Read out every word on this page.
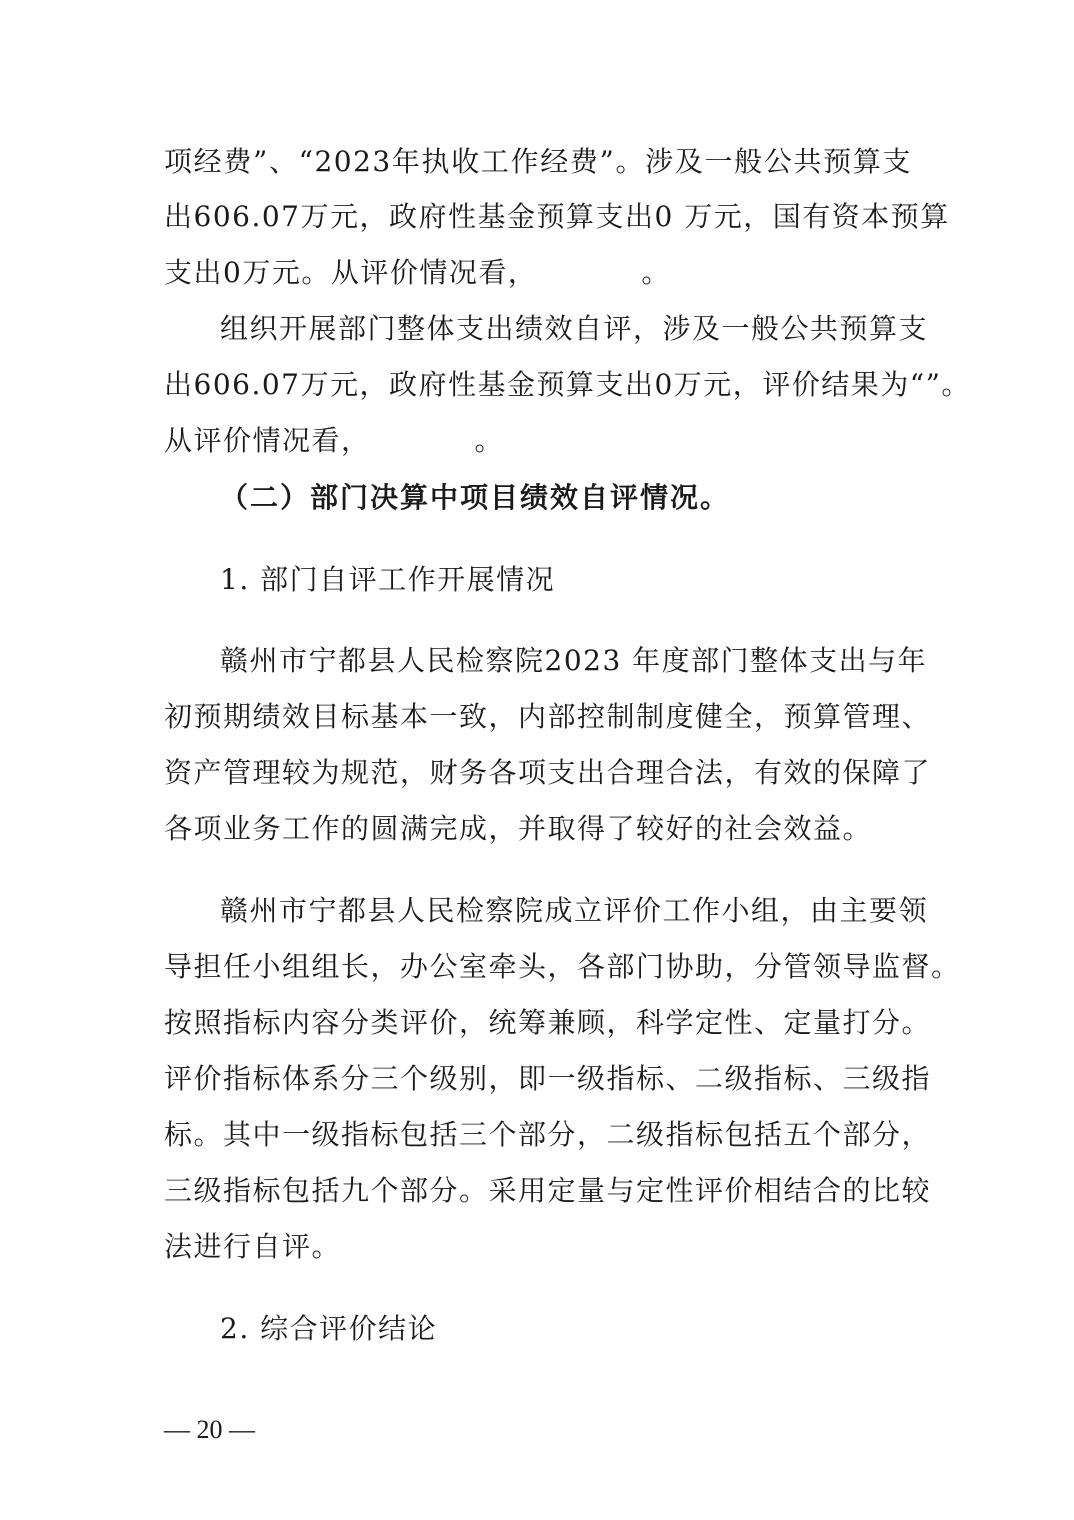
项经费”、“2023年执收工作经费”。涉及一般公共预算支
出606.07万元，政府性基金预算支出0 万元，国有资本预算
支出0万元。从评价情况看，          。
组织开展部门整体支出绩效自评，涉及一般公共预算支
出606.07万元，政府性基金预算支出0万元，评价结果为“”。
从评价情况看，          。
（二）部门决算中项目绩效自评情况。
1. 部门自评工作开展情况
赣州市宁都县人民检察院2023 年度部门整体支出与年
初预期绩效目标基本一致，内部控制制度健全，预算管理、
资产管理较为规范，财务各项支出合理合法，有效的保障了
各项业务工作的圆满完成，并取得了较好的社会效益。
赣州市宁都县人民检察院成立评价工作小组，由主要领
导担任小组组长，办公室牵头，各部门协助，分管领导监督。
按照指标内容分类评价，统筹兼顾，科学定性、定量打分。
评价指标体系分三个级别，即一级指标、二级指标、三级指
标。其中一级指标包括三个部分，二级指标包括五个部分，
三级指标包括九个部分。采用定量与定性评价相结合的比较
法进行自评。
2. 综合评价结论
— 20 —
